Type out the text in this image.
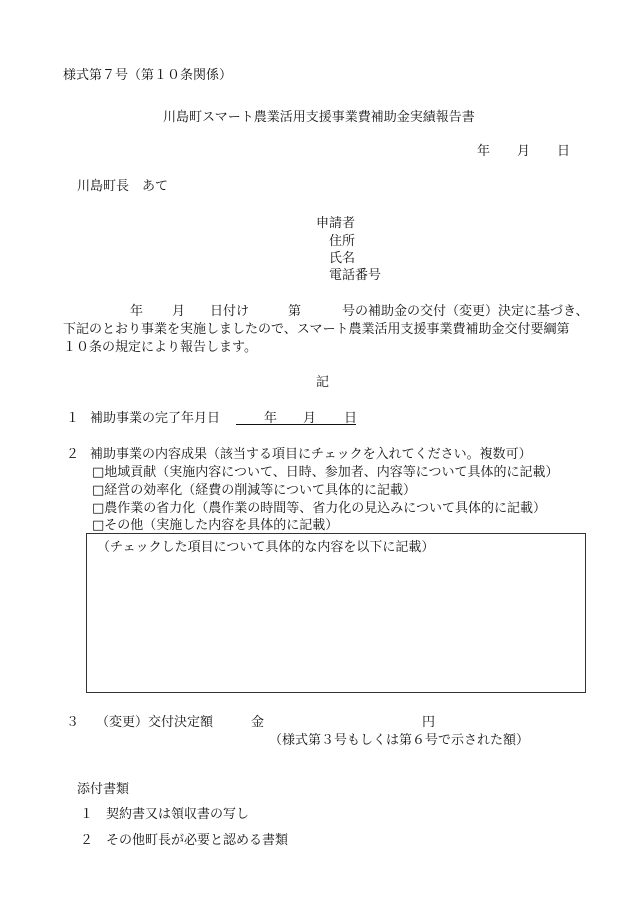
様式第７号（第１０条関係）
川島町スマート農業活用支援事業費補助金実績報告書
年 月 日
川島町長　あて
申請者
住所
氏名
電話番号
年 月 日付け	第	号の補助金の交付（変更）決定に基づき、
下記のとおり事業を実施しましたので、スマート農業活用支援事業費補助金交付要綱第
１０条の規定により報告します。
記
１ 補助事業の完了年月日	年 月 日
２ 補助事業の内容成果（該当する項目にチェックを入れてください。複数可）
□地域貢献（実施内容について、日時、参加者、内容等について具体的に記載）
□経営の効率化（経費の削減等について具体的に記載）
□農作業の省力化（農作業の時間等、省力化の見込みについて具体的に記載）
□その他（実施した内容を具体的に記載）
（チェックした項目について具体的な内容を以下に記載）
３ （変更）交付決定額	金	円
（様式第３号もしくは第６号で示された額）
添付書類
１　契約書又は領収書の写し
２　その他町長が必要と認める書類
